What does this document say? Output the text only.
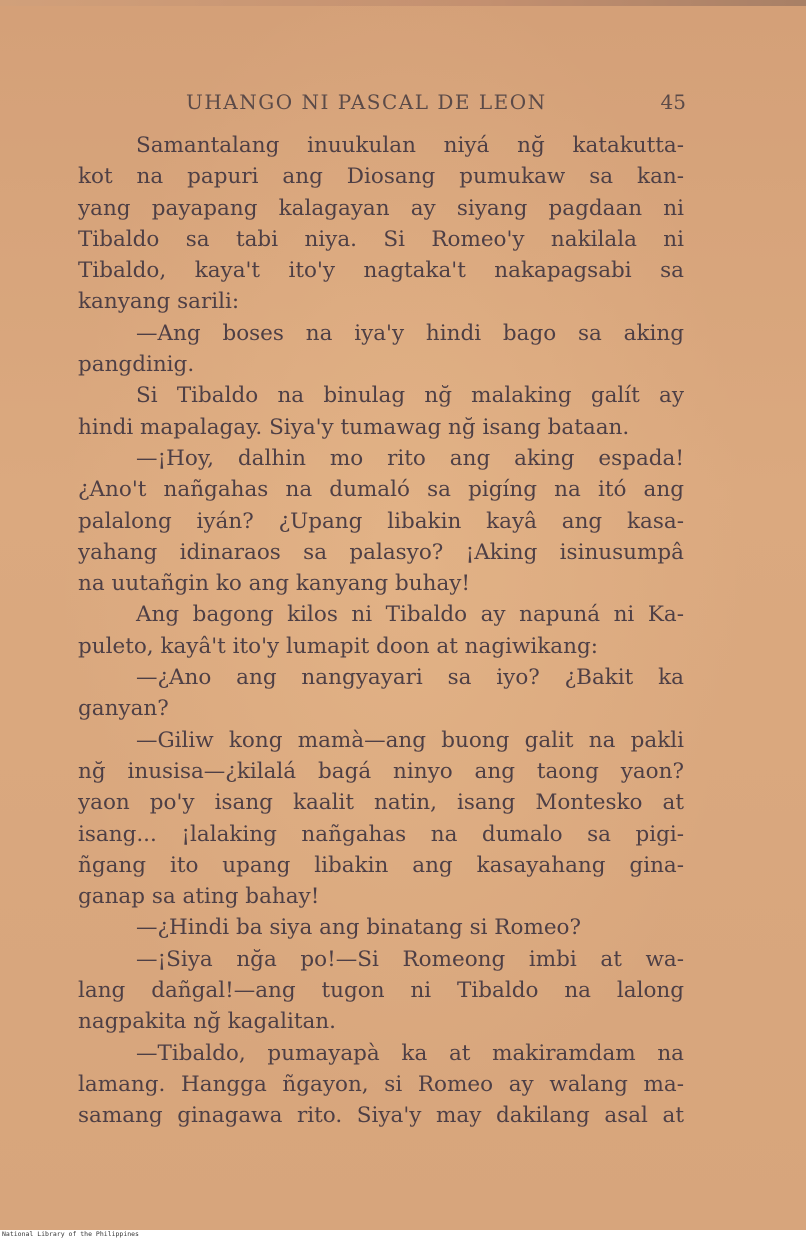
UHANGO NI PASCAL DE LEON	45
Samantalang inuukulan niyá nğ katakutta-
kot na papuri ang Diosang pumukaw sa kan-
yang payapang kalagayan ay siyang pagdaan ni
Tibaldo sa tabi niya. Si Romeo'y nakilala ni
Tibaldo, kaya't ito'y nagtaka't nakapagsabi sa
kanyang sarili:
—Ang boses na iya'y hindi bago sa aking
pangdinig.
Si Tibaldo na binulag nğ malaking galít ay
hindi mapalagay. Siya'y tumawag nğ isang bataan.
—¡Hoy, dalhin mo rito ang aking espada!
¿Ano't nañgahas na dumaló sa pigíng na itó ang
palalong iyán? ¿Upang libakin kayâ ang kasa-
yahang idinaraos sa palasyo? ¡Aking isinusumpâ
na uutañgin ko ang kanyang buhay!
Ang bagong kilos ni Tibaldo ay napuná ni Ka-
puleto, kayâ't ito'y lumapit doon at nagiwikang:
—¿Ano ang nangyayari sa iyo? ¿Bakit ka
ganyan?
—Giliw kong mamà—ang buong galit na pakli
nğ inusisa—¿kilalá bagá ninyo ang taong yaon?
yaon po'y isang kaalit natin, isang Montesko at
isang... ¡lalaking nañgahas na dumalo sa pigi-
ñgang ito upang libakin ang kasayahang gina-
ganap sa ating bahay!
—¿Hindi ba siya ang binatang si Romeo?
—¡Siya nğa po!—Si Romeong imbi at wa-
lang dañgal!—ang tugon ni Tibaldo na lalong
nagpakita nğ kagalitan.
—Tibaldo, pumayapà ka at makiramdam na
lamang. Hangga ñgayon, si Romeo ay walang ma-
samang ginagawa rito. Siya'y may dakilang asal at
National Library of the Philippines
